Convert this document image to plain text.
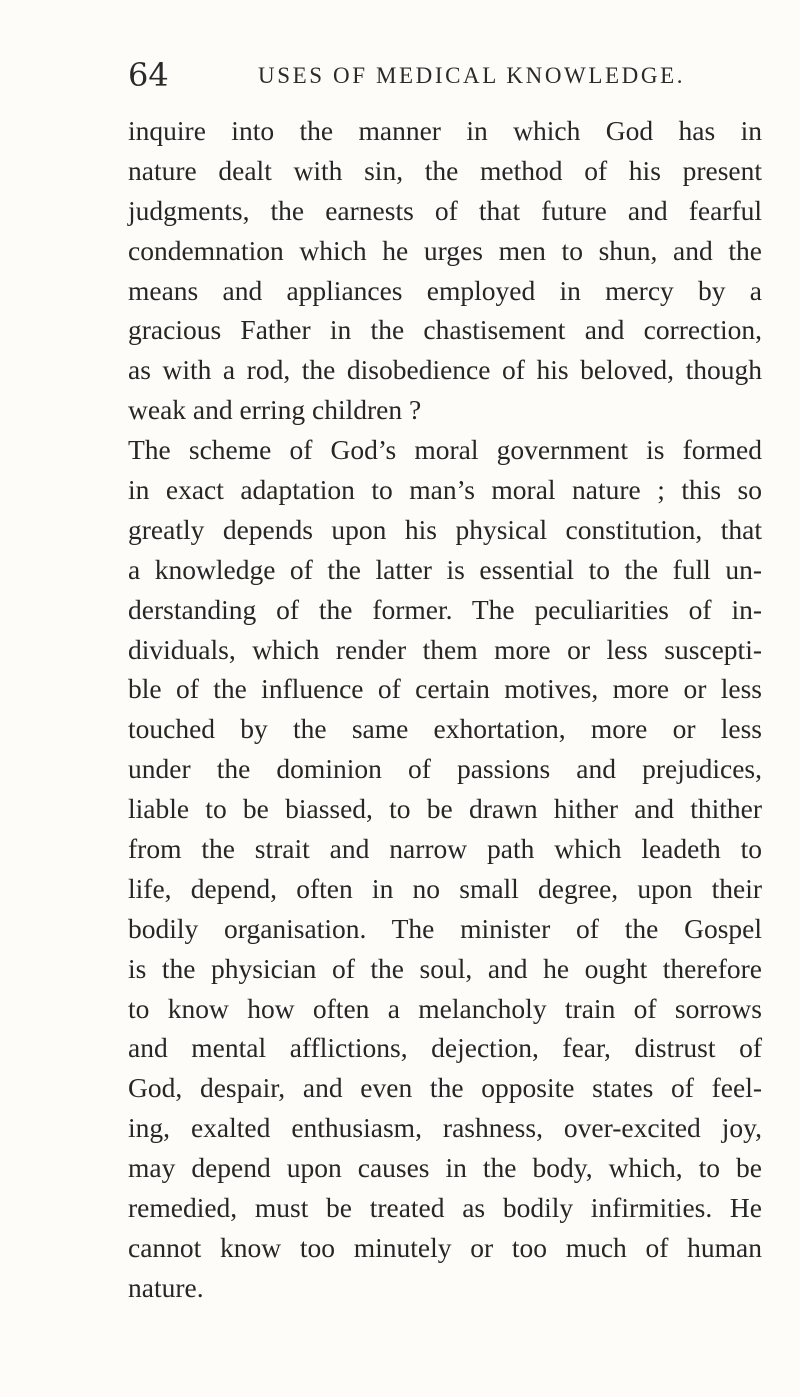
64	USES OF MEDICAL KNOWLEDGE.
inquire into the manner in which God has in
nature dealt with sin, the method of his present
judgments, the earnests of that future and fearful
condemnation which he urges men to shun, and the
means and appliances employed in mercy by a
gracious Father in the chastisement and correction,
as with a rod, the disobedience of his beloved, though
weak and erring children ?
The scheme of God’s moral government is formed
in exact adaptation to man’s moral nature ; this so
greatly depends upon his physical constitution, that
a knowledge of the latter is essential to the full un-
derstanding of the former. The peculiarities of in-
dividuals, which render them more or less suscepti-
ble of the influence of certain motives, more or less
touched by the same exhortation, more or less
under the dominion of passions and prejudices,
liable to be biassed, to be drawn hither and thither
from the strait and narrow path which leadeth to
life, depend, often in no small degree, upon their
bodily organisation. The minister of the Gospel
is the physician of the soul, and he ought therefore
to know how often a melancholy train of sorrows
and mental afflictions, dejection, fear, distrust of
God, despair, and even the opposite states of feel-
ing, exalted enthusiasm, rashness, over-excited joy,
may depend upon causes in the body, which, to be
remedied, must be treated as bodily infirmities. He
cannot know too minutely or too much of human
nature.
